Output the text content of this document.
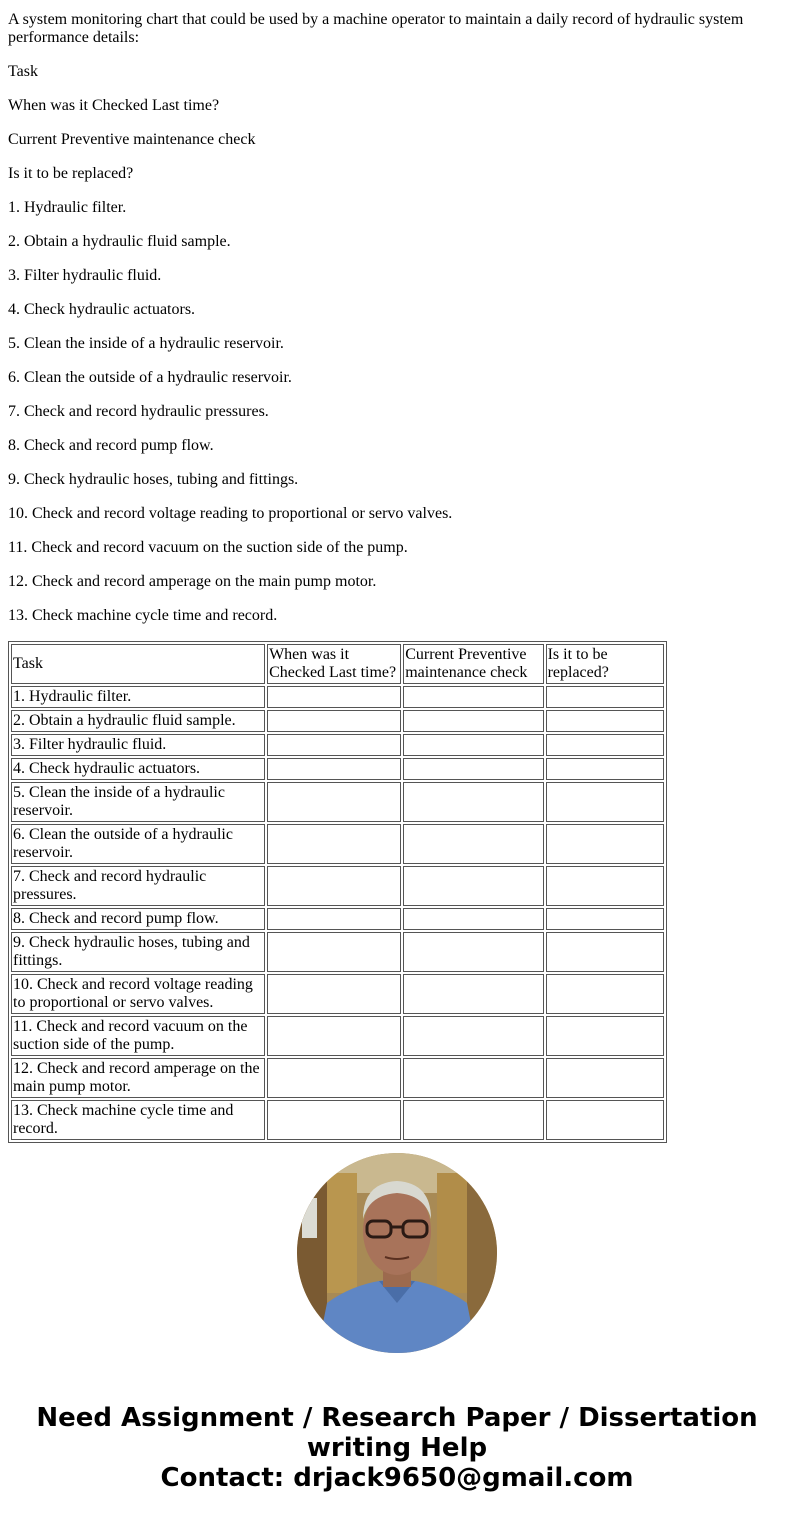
A system monitoring chart that could be used by a machine operator to maintain a daily record of hydraulic system performance details:

Task

When was it Checked Last time?

Current Preventive maintenance check

Is it to be replaced?

1. Hydraulic filter.

2. Obtain a hydraulic fluid sample.

3. Filter hydraulic fluid.

4. Check hydraulic actuators.

5. Clean the inside of a hydraulic reservoir.

6. Clean the outside of a hydraulic reservoir.

7. Check and record hydraulic pressures.

8. Check and record pump flow.

9. Check hydraulic hoses, tubing and fittings.

10. Check and record voltage reading to proportional or servo valves.

11. Check and record vacuum on the suction side of the pump.

12. Check and record amperage on the main pump motor.

13. Check machine cycle time and record.

Task	When was it Checked Last time?	Current Preventive maintenance check	Is it to be replaced?
1. Hydraulic filter.			
2. Obtain a hydraulic fluid sample.			
3. Filter hydraulic fluid.			
4. Check hydraulic actuators.			
5. Clean the inside of a hydraulic reservoir.			
6. Clean the outside of a hydraulic reservoir.			
7. Check and record hydraulic pressures.			
8. Check and record pump flow.			
9. Check hydraulic hoses, tubing and fittings.			
10. Check and record voltage reading to proportional or servo valves.			
11. Check and record vacuum on the suction side of the pump.			
12. Check and record amperage on the main pump motor.			
13. Check machine cycle time and record.			
Need Assignment / Research Paper / Dissertation
writing Help
Contact: drjack9650@gmail.com
